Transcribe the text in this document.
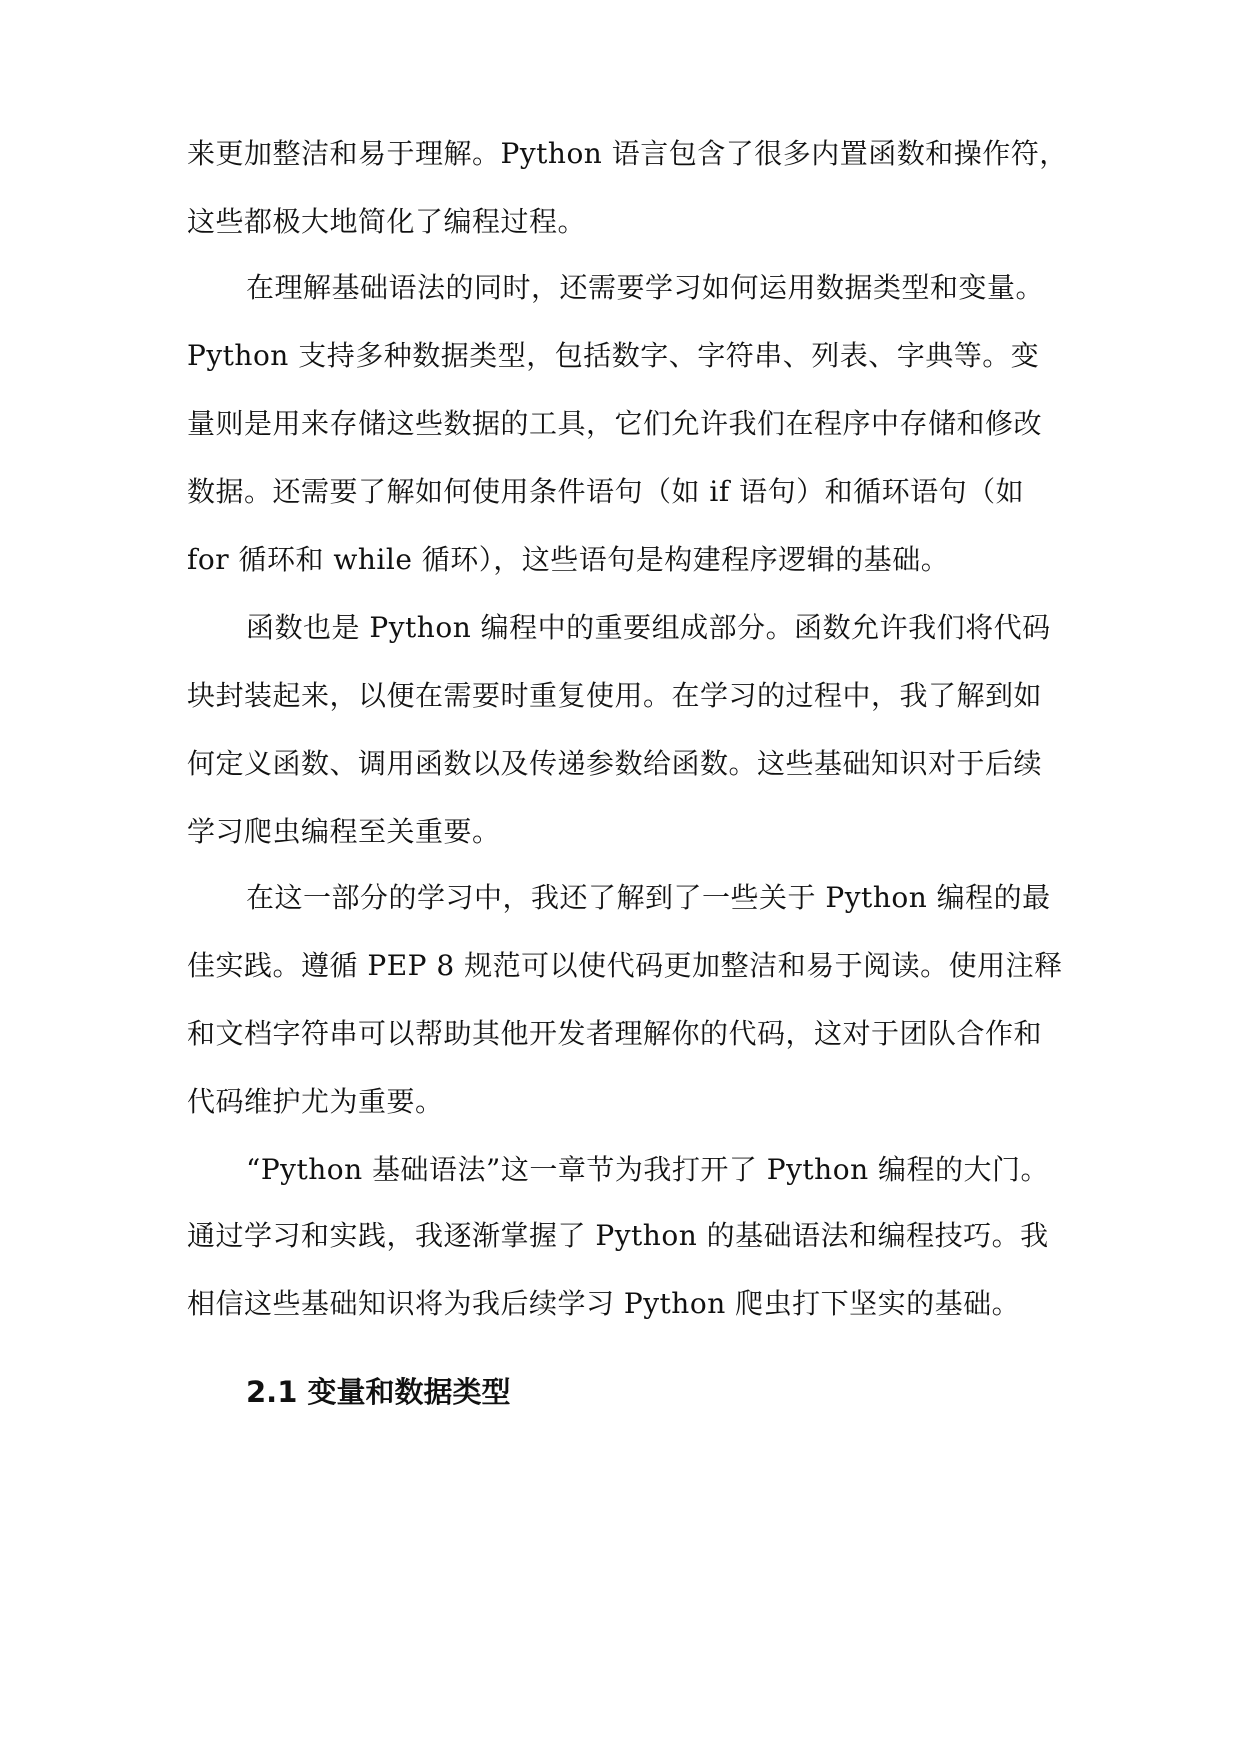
来更加整洁和易于理解。Python 语言包含了很多内置函数和操作符，
这些都极大地简化了编程过程。
在理解基础语法的同时，还需要学习如何运用数据类型和变量。
Python 支持多种数据类型，包括数字、字符串、列表、字典等。变
量则是用来存储这些数据的工具，它们允许我们在程序中存储和修改
数据。还需要了解如何使用条件语句（如 if 语句）和循环语句（如
for 循环和 while 循环），这些语句是构建程序逻辑的基础。
函数也是 Python 编程中的重要组成部分。函数允许我们将代码
块封装起来，以便在需要时重复使用。在学习的过程中，我了解到如
何定义函数、调用函数以及传递参数给函数。这些基础知识对于后续
学习爬虫编程至关重要。
在这一部分的学习中，我还了解到了一些关于 Python 编程的最
佳实践。遵循 PEP 8 规范可以使代码更加整洁和易于阅读。使用注释
和文档字符串可以帮助其他开发者理解你的代码，这对于团队合作和
代码维护尤为重要。
“Python 基础语法”这一章节为我打开了 Python 编程的大门。
通过学习和实践，我逐渐掌握了 Python 的基础语法和编程技巧。我
相信这些基础知识将为我后续学习 Python 爬虫打下坚实的基础。
2.1 变量和数据类型
